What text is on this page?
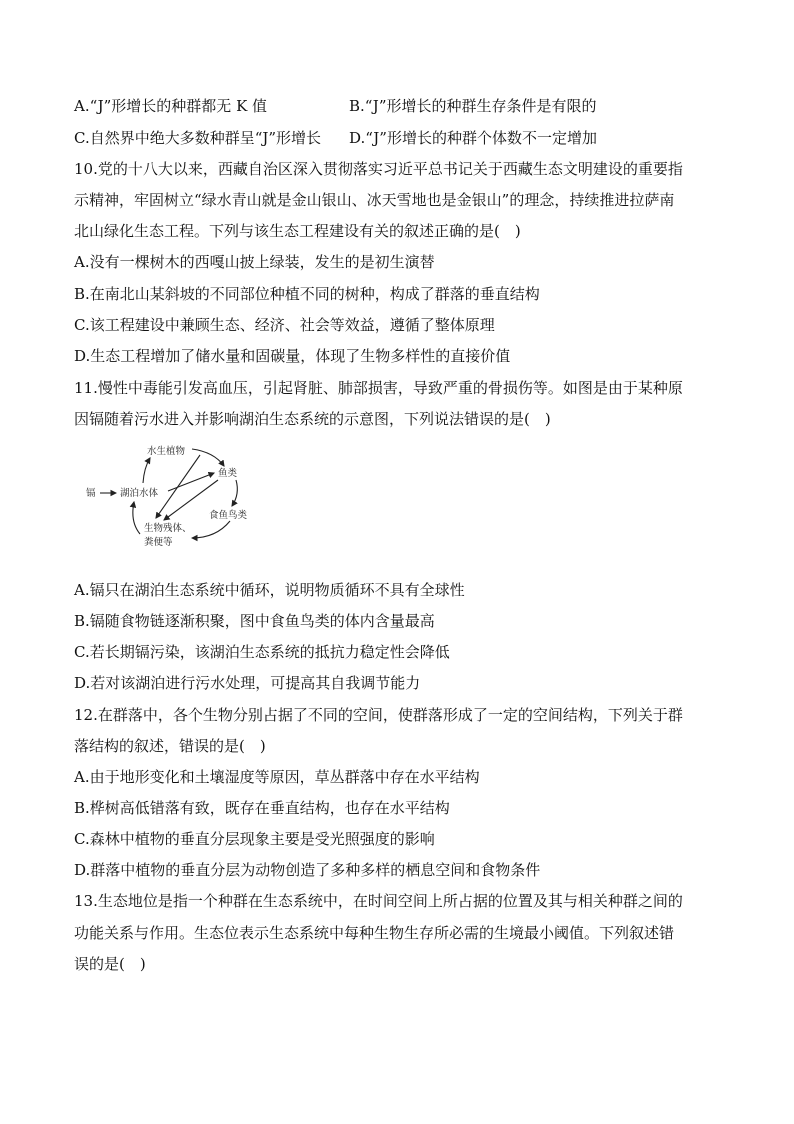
A.“J”形增长的种群都无 K 值	B.“J”形增长的种群生存条件是有限的
C.自然界中绝大多数种群呈“J”形增长 D.“J”形增长的种群个体数不一定增加
10.党的十八大以来，西藏自治区深入贯彻落实习近平总书记关于西藏生态文明建设的重要指
示精神，牢固树立“绿水青山就是金山银山、冰天雪地也是金银山”的理念，持续推进拉萨南
北山绿化生态工程。下列与该生态工程建设有关的叙述正确的是(　)
A.没有一棵树木的西嘎山披上绿装，发生的是初生演替
B.在南北山某斜坡的不同部位种植不同的树种，构成了群落的垂直结构
C.该工程建设中兼顾生态、经济、社会等效益，遵循了整体原理
D.生态工程增加了储水量和固碳量，体现了生物多样性的直接价值
11.慢性中毒能引发高血压，引起肾脏、肺部损害，导致严重的骨损伤等。如图是由于某种原
因镉随着污水进入并影响湖泊生态系统的示意图，下列说法错误的是(　)
水生植物
鱼类
镉	湖泊水体
食鱼鸟类
生物残体、
粪便等
A.镉只在湖泊生态系统中循环，说明物质循环不具有全球性
B.镉随食物链逐渐积聚，图中食鱼鸟类的体内含量最高
C.若长期镉污染，该湖泊生态系统的抵抗力稳定性会降低
D.若对该湖泊进行污水处理，可提高其自我调节能力
12.在群落中，各个生物分别占据了不同的空间，使群落形成了一定的空间结构，下列关于群
落结构的叙述，错误的是(　)
A.由于地形变化和土壤湿度等原因，草丛群落中存在水平结构
B.桦树高低错落有致，既存在垂直结构，也存在水平结构
C.森林中植物的垂直分层现象主要是受光照强度的影响
D.群落中植物的垂直分层为动物创造了多种多样的栖息空间和食物条件
13.生态地位是指一个种群在生态系统中，在时间空间上所占据的位置及其与相关种群之间的
功能关系与作用。生态位表示生态系统中每种生物生存所必需的生境最小阈值。下列叙述错
误的是(　)
